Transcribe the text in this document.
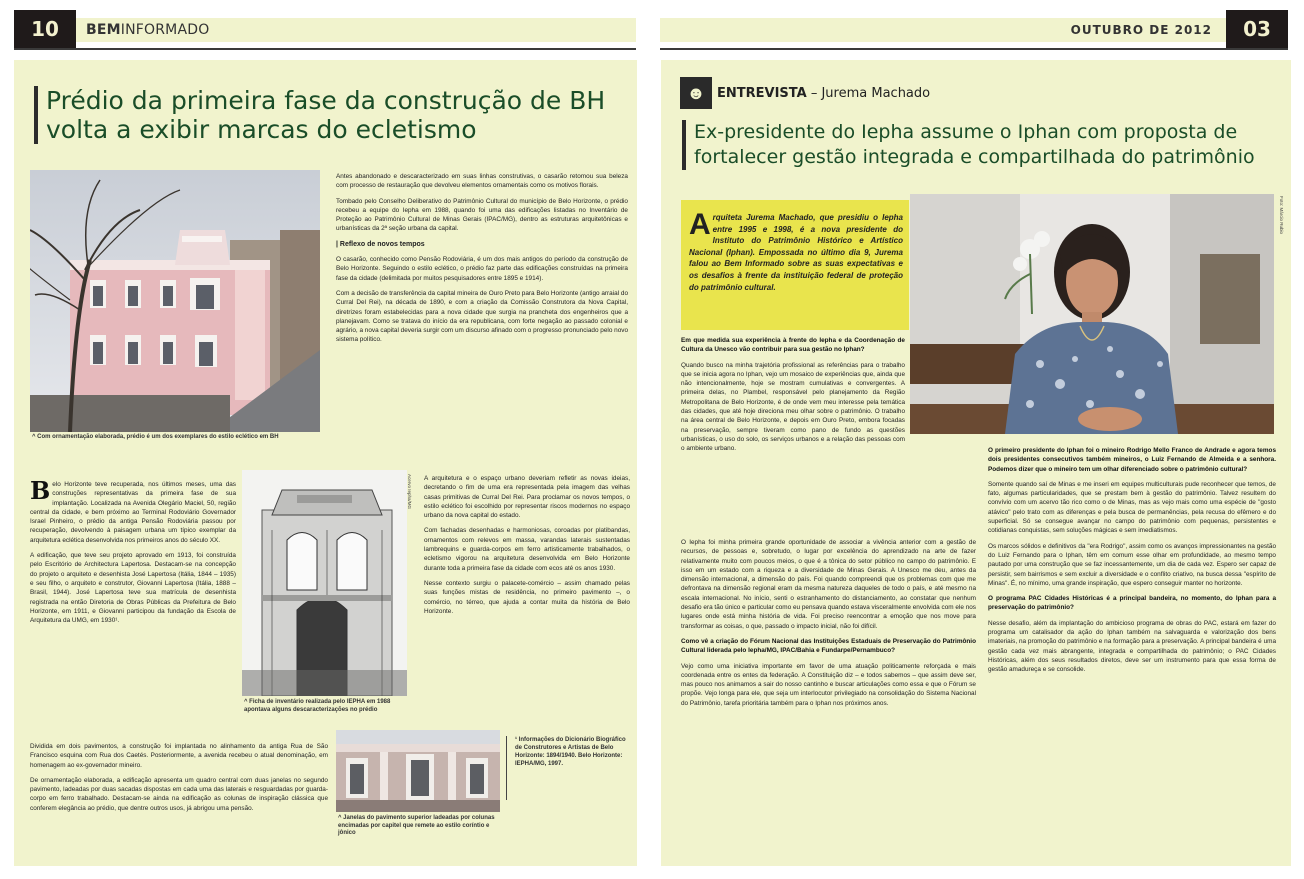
10	BEMINFORMADO	OUTUBRO DE 2012	03
Prédio da primeira fase da construção de BH volta a exibir marcas do ecletismo
^ Com ornamentação elaborada, prédio é um dos exemplares do estilo eclético em BH

Antes abandonado e descaracterizado em suas linhas construtivas, o casarão retomou sua beleza com processo de restauração que devolveu elementos ornamentais como os motivos florais.

Tombado pelo Conselho Deliberativo do Patrimônio Cultural do município de Belo Horizonte, o prédio recebeu a equipe do Iepha em 1988, quando foi uma das edificações listadas no Inventário de Proteção ao Patrimônio Cultural de Minas Gerais (IPAC/MG), dentro as estruturas arquitetônicas e urbanísticas da 2ª seção urbana da capital.

| Reflexo de novos tempos

O casarão, conhecido como Pensão Rodoviária, é um dos mais antigos do período da construção de Belo Horizonte. Seguindo o estilo eclético, o prédio faz parte das edificações construídas na primeira fase da cidade (delimitada por muitos pesquisadores entre 1895 e 1914).

Com a decisão de transferência da capital mineira de Ouro Preto para Belo Horizonte (antigo arraial do Curral Del Rei), na década de 1890, e com a criação da Comissão Construtora da Nova Capital, diretrizes foram estabelecidas para a nova cidade que surgia na prancheta dos engenheiros que a planejavam. Como se tratava do início da era republicana, com forte negação ao passado colonial e agrário, a nova capital deveria surgir com um discurso afinado com o progresso pronunciado pelo novo sistema político.

Belo Horizonte teve recuperada, nos últimos meses, uma das construções representativas da primeira fase de sua implantação. Localizada na Avenida Olegário Maciel, 50, região central da cidade, e bem próximo ao Terminal Rodoviário Governador Israel Pinheiro, o prédio da antiga Pensão Rodoviária passou por recuperação, devolvendo à paisagem urbana um típico exemplar da arquitetura eclética desenvolvida nos primeiros anos do século XX.

A edificação, que teve seu projeto aprovado em 1913, foi construída pelo Escritório de Architectura Lapertosa. Destacam-se na concepção do projeto o arquiteto e desenhista José Lapertosa (Itália, 1844 – 1935) e seu filho, o arquiteto e construtor, Giovanni Lapertosa (Itália, 1888 – Brasil, 1944). José Lapertosa teve sua matrícula de desenhista registrada na então Diretoria de Obras Públicas da Prefeitura de Belo Horizonte, em 1911, e Giovanni participou da fundação da Escola de Arquitetura da UMG, em 1930¹.

Acervo Iepha/MG
^ Ficha de inventário realizada pelo IEPHA em 1988 apontava alguns descaracterizações no prédio

A arquitetura e o espaço urbano deveriam refletir as novas ideias, decretando o fim de uma era representada pela imagem das velhas casas primitivas de Curral Del Rei. Para proclamar os novos tempos, o estilo eclético foi escolhido por representar riscos modernos no espaço urbano da nova capital do estado.

Com fachadas desenhadas e harmoniosas, coroadas por platibandas, ornamentos com relevos em massa, varandas laterais sustentadas lambrequins e guarda-corpos em ferro artisticamente trabalhados, o ecletismo vigorou na arquitetura desenvolvida em Belo Horizonte durante toda a primeira fase da cidade com ecos até os anos 1930.

Nesse contexto surgiu o palacete-comércio – assim chamado pelas suas funções mistas de residência, no primeiro pavimento –, o comércio, no térreo, que ajuda a contar muita da história de Belo Horizonte.

Dividida em dois pavimentos, a construção foi implantada no alinhamento da antiga Rua de São Francisco esquina com Rua dos Caetés. Posteriormente, a avenida recebeu o atual denominação, em homenagem ao ex-governador mineiro.

De ornamentação elaborada, a edificação apresenta um quadro central com duas janelas no segundo pavimento, ladeadas por duas sacadas dispostas em cada uma das laterais e resguardadas por guarda-corpo em ferro trabalhado. Destacam-se ainda na edificação as colunas de inspiração clássica que conferem elegância ao prédio, que dentre outros usos, já abrigou uma pensão.

^ Janelas do pavimento superior ladeadas por colunas encimadas por capitel que remete ao estilo coríntio e jônico
¹ Informações do Dicionário Biográfico de Construtores e Artistas de Belo Horizonte: 1894/1940. Belo Horizonte: IEPHA/MG, 1997.
☻ ENTREVISTA – Jurema Machado
Ex-presidente do Iepha assume o Iphan com proposta de fortalecer gestão integrada e compartilhada do patrimônio
Arquiteta Jurema Machado, que presidiu o Iepha entre 1995 e 1998, é a nova presidente do Instituto do Patrimônio Histórico e Artístico Nacional (Iphan). Empossada no último dia 9, Jurema falou ao Bem Informado sobre as suas expectativas e os desafios à frente da instituição federal de proteção do patrimônio cultural.
Foto: Márcio Rubio
Em que medida sua experiência à frente do Iepha e da Coordenação de Cultura da Unesco vão contribuir para sua gestão no Iphan?

Quando busco na minha trajetória profissional as referências para o trabalho que se inicia agora no Iphan, vejo um mosaico de experiências que, ainda que não intencionalmente, hoje se mostram cumulativas e convergentes. A primeira delas, no Plambel, responsável pelo planejamento da Região Metropolitana de Belo Horizonte, é de onde vem meu interesse pela temática das cidades, que até hoje direciona meu olhar sobre o patrimônio. O trabalho na área central de Belo Horizonte, e depois em Ouro Preto, embora focadas na preservação, sempre tiveram como pano de fundo as questões urbanísticas, o uso do solo, os serviços urbanos e a relação das pessoas com o ambiente urbano.

O Iepha foi minha primeira grande oportunidade de associar a vivência anterior com a gestão de recursos, de pessoas e, sobretudo, o lugar por excelência do aprendizado na arte de fazer relativamente muito com poucos meios, o que é a tônica do setor público no campo do patrimônio. E isso em um estado com a riqueza e a diversidade de Minas Gerais. A Unesco me deu, antes da dimensão internacional, a dimensão do país. Foi quando compreendi que os problemas com que me defrontava na dimensão regional eram da mesma natureza daqueles de todo o país, e até mesmo na escala internacional. No início, senti o estranhamento do distanciamento, ao constatar que nenhum desafio era tão único e particular como eu pensava quando estava visceralmente envolvida com ele nos lugares onde está minha história de vida. Foi preciso reencontrar a emoção que nos move para transformar as coisas, o que, passado o impacto inicial, não foi difícil.

Como vê a criação do Fórum Nacional das Instituições Estaduais de Preservação do Patrimônio Cultural liderada pelo Iepha/MG, IPAC/Bahia e Fundarpe/Pernambuco?

Vejo como uma iniciativa importante em favor de uma atuação politicamente reforçada e mais coordenada entre os entes da federação. A Constituição diz – e todos sabemos – que assim deve ser, mas pouco nos animamos a sair do nosso cantinho e buscar articulações como essa e que o Fórum se propõe. Vejo longa para ele, que seja um interlocutor privilegiado na consolidação do Sistema Nacional do Patrimônio, tarefa prioritária também para o Iphan nos próximos anos.

O primeiro presidente do Iphan foi o mineiro Rodrigo Mello Franco de Andrade e agora temos dois presidentes consecutivos também mineiros, o Luiz Fernando de Almeida e a senhora. Podemos dizer que o mineiro tem um olhar diferenciado sobre o patrimônio cultural?

Somente quando saí de Minas e me inseri em equipes multiculturais pude reconhecer que temos, de fato, algumas particularidades, que se prestam bem à gestão do patrimônio. Talvez resultem do convívio com um acervo tão rico como o de Minas, mas as vejo mais como uma espécie de "gosto atávico" pelo trato com as diferenças e pela busca de permanências, pela recusa do efêmero e do superficial. Só se consegue avançar no campo do patrimônio com pequenas, persistentes e cotidianas conquistas, sem soluções mágicas e sem imediatismos.

Os marcos sólidos e definitivos da "era Rodrigo", assim como os avanços impressionantes na gestão do Luiz Fernando para o Iphan, têm em comum esse olhar em profundidade, ao mesmo tempo pautado por uma construção que se faz incessantemente, um dia de cada vez. Espero ser capaz de persistir, sem bairrismos e sem excluir a diversidade e o conflito criativo, na busca dessa "espírito de Minas". É, no mínimo, uma grande inspiração, que espero conseguir manter no horizonte.

O programa PAC Cidades Históricas é a principal bandeira, no momento, do Iphan para a preservação do patrimônio?

Nesse desafio, além da implantação do ambicioso programa de obras do PAC, estará em fazer do programa um catalisador da ação do Iphan também na salvaguarda e valorização dos bens imateriais, na promoção do patrimônio e na formação para a preservação. A principal bandeira é uma gestão cada vez mais abrangente, integrada e compartilhada do patrimônio; o PAC Cidades Históricas, além dos seus resultados diretos, deve ser um instrumento para que essa forma de gestão amadureça e se consolide.
